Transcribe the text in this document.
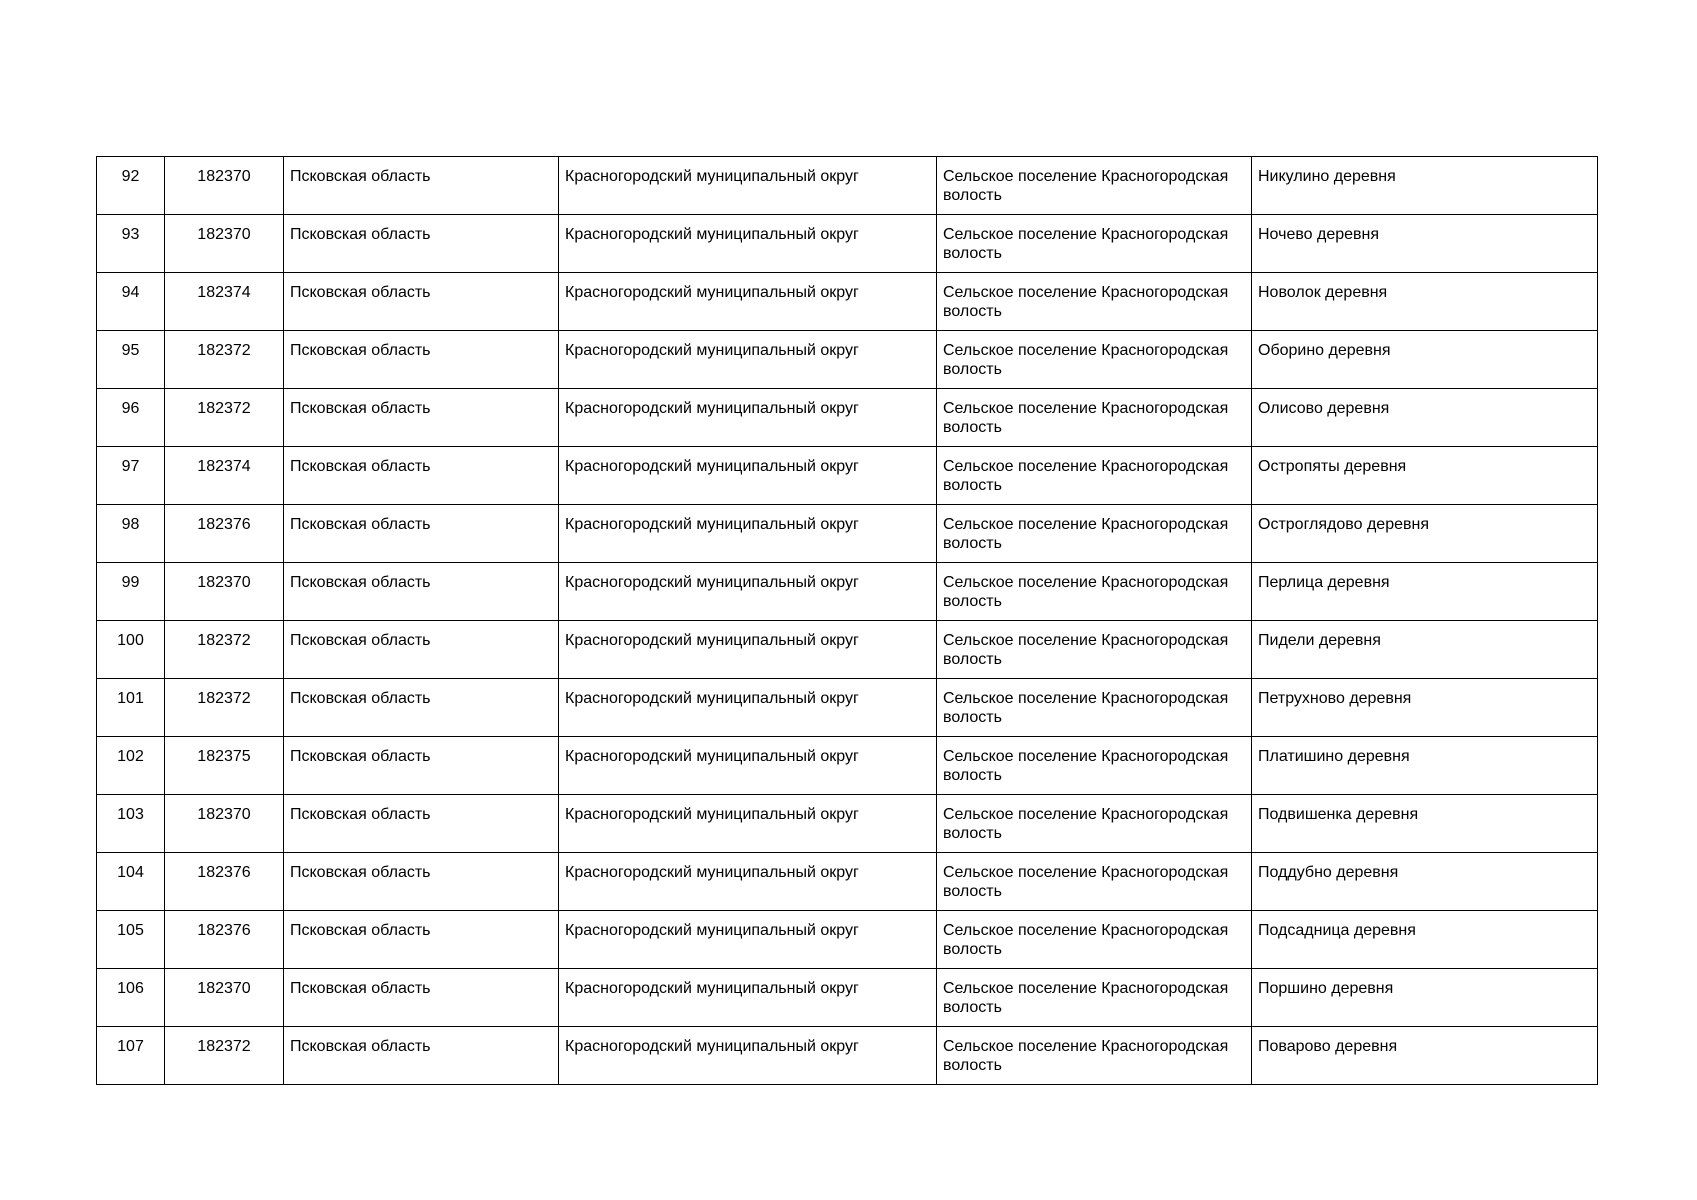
92	182370	Псковская область	Красногородский муниципальный округ	Сельское поселение Красногородская волость	Никулино деревня
93	182370	Псковская область	Красногородский муниципальный округ	Сельское поселение Красногородская волость	Ночево деревня
94	182374	Псковская область	Красногородский муниципальный округ	Сельское поселение Красногородская волость	Новолок деревня
95	182372	Псковская область	Красногородский муниципальный округ	Сельское поселение Красногородская волость	Оборино деревня
96	182372	Псковская область	Красногородский муниципальный округ	Сельское поселение Красногородская волость	Олисово деревня
97	182374	Псковская область	Красногородский муниципальный округ	Сельское поселение Красногородская волость	Остропяты деревня
98	182376	Псковская область	Красногородский муниципальный округ	Сельское поселение Красногородская волость	Остроглядово деревня
99	182370	Псковская область	Красногородский муниципальный округ	Сельское поселение Красногородская волость	Перлица деревня
100	182372	Псковская область	Красногородский муниципальный округ	Сельское поселение Красногородская волость	Пидели деревня
101	182372	Псковская область	Красногородский муниципальный округ	Сельское поселение Красногородская волость	Петрухново деревня
102	182375	Псковская область	Красногородский муниципальный округ	Сельское поселение Красногородская волость	Платишино деревня
103	182370	Псковская область	Красногородский муниципальный округ	Сельское поселение Красногородская волость	Подвишенка деревня
104	182376	Псковская область	Красногородский муниципальный округ	Сельское поселение Красногородская волость	Поддубно деревня
105	182376	Псковская область	Красногородский муниципальный округ	Сельское поселение Красногородская волость	Подсадница деревня
106	182370	Псковская область	Красногородский муниципальный округ	Сельское поселение Красногородская волость	Поршино деревня
107	182372	Псковская область	Красногородский муниципальный округ	Сельское поселение Красногородская волость	Поварово деревня
